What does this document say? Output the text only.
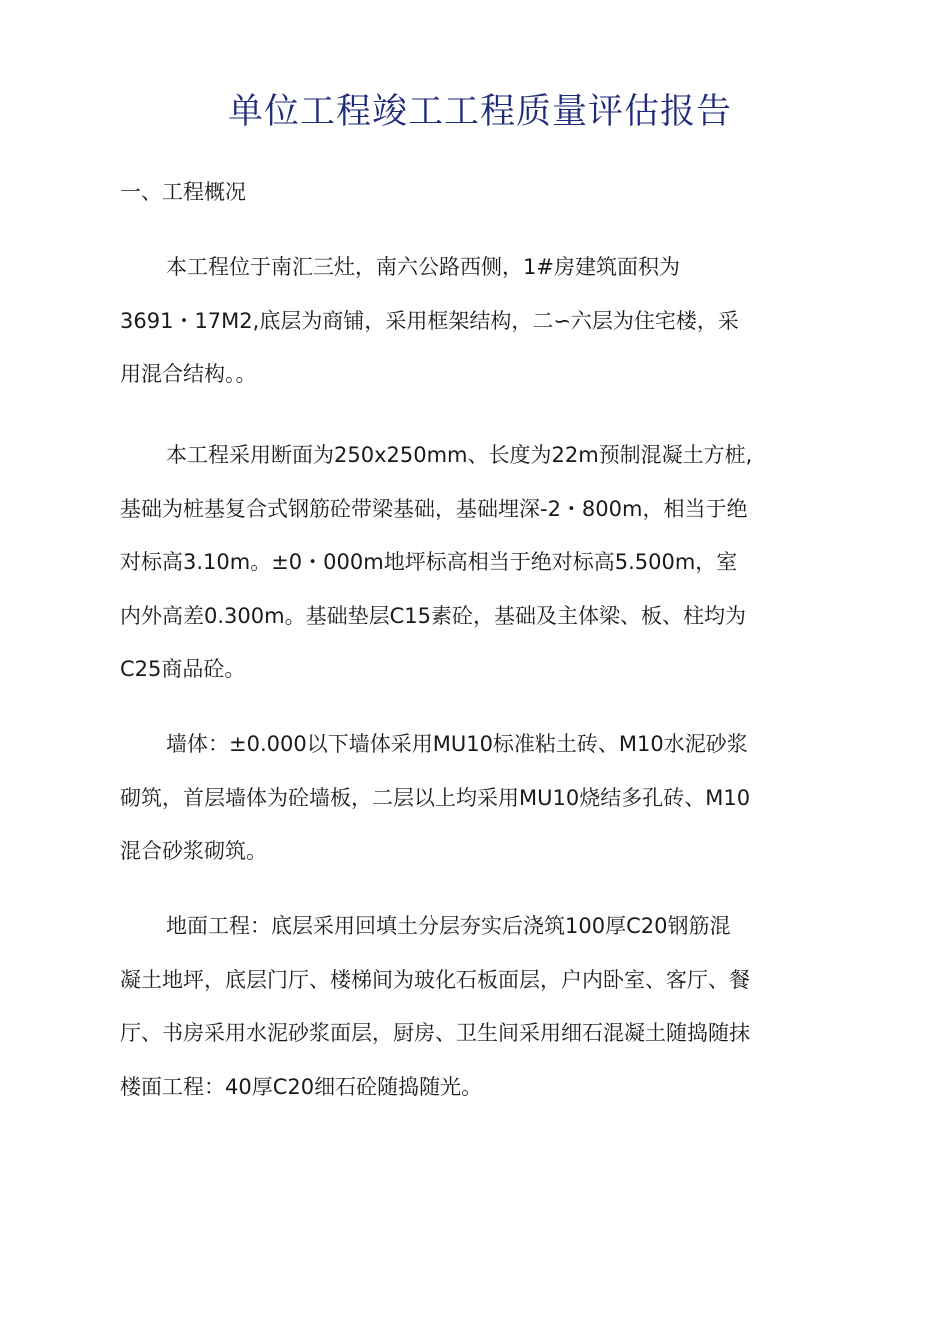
单位工程竣工工程质量评估报告
一、工程概况

本工程位于南汇三灶，南六公路西侧，1#房建筑面积为
3691・17M2,底层为商铺，采用框架结构，二∽六层为住宅楼，采
用混合结构。。

本工程采用断面为250x250mm、长度为22m预制混凝土方桩,
基础为桩基复合式钢筋砼带梁基础，基础埋深-2・800m，相当于绝
对标高3.10m。±0・000m地坪标高相当于绝对标高5.500m，室
内外高差0.300m。基础垫层C15素砼，基础及主体梁、板、柱均为
C25商品砼。

墙体：±0.000以下墙体采用MU10标准粘土砖、M10水泥砂浆
砌筑，首层墙体为砼墙板，二层以上均采用MU10烧结多孔砖、M10
混合砂浆砌筑。

地面工程：底层采用回填土分层夯实后浇筑100厚C20钢筋混
凝土地坪，底层门厅、楼梯间为玻化石板面层，户内卧室、客厅、餐
厅、书房采用水泥砂浆面层，厨房、卫生间采用细石混凝土随捣随抹
楼面工程：40厚C20细石砼随捣随光。
